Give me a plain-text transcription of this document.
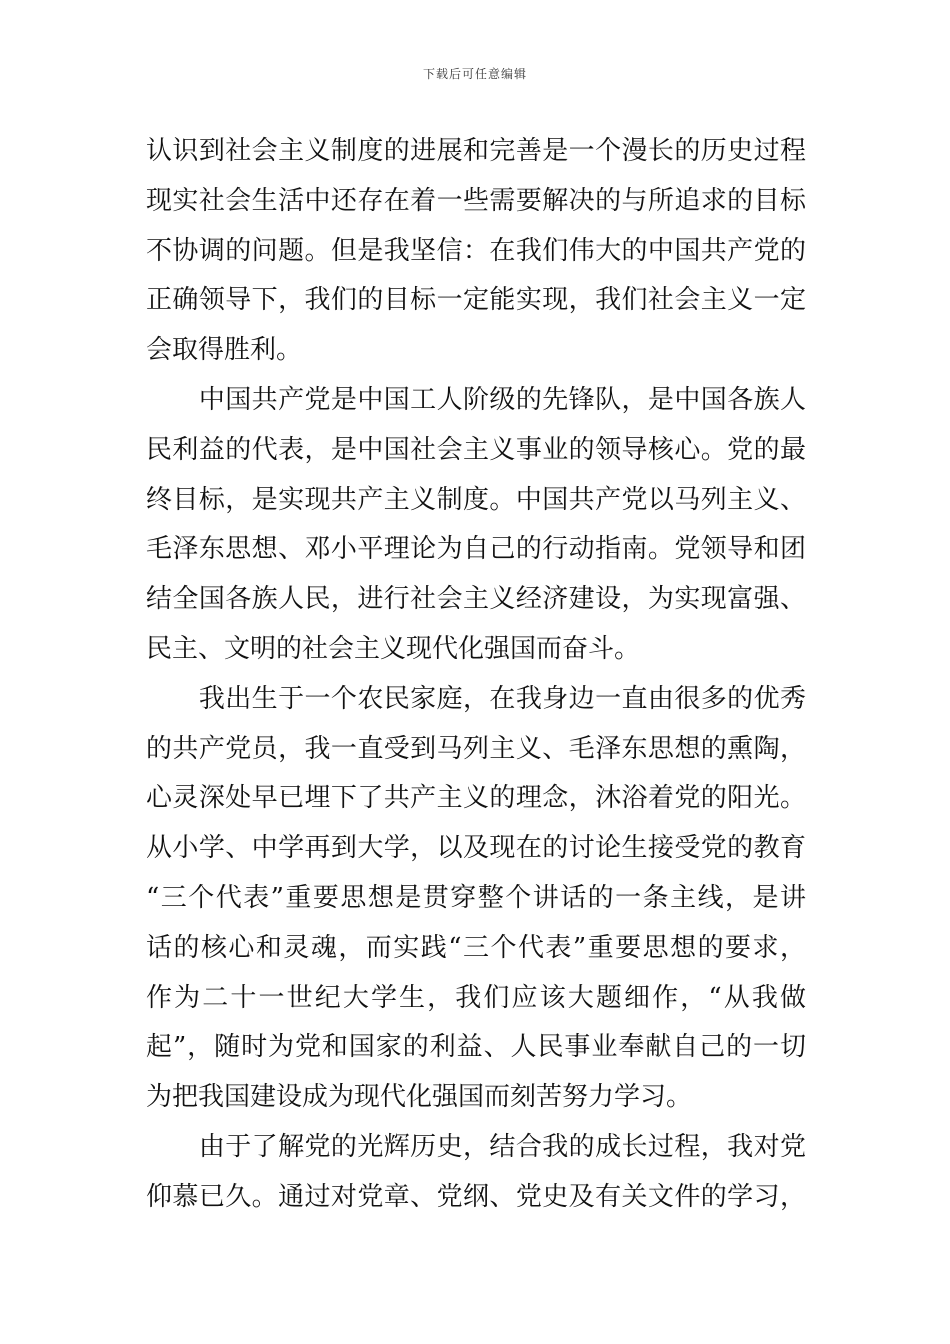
下载后可任意编辑
认识到社会主义制度的进展和完善是一个漫长的历史过程
现实社会生活中还存在着一些需要解决的与所追求的目标
不协调的问题。但是我坚信：在我们伟大的中国共产党的
正确领导下，我们的目标一定能实现，我们社会主义一定
会取得胜利。
　　中国共产党是中国工人阶级的先锋队，是中国各族人
民利益的代表，是中国社会主义事业的领导核心。党的最
终目标，是实现共产主义制度。中国共产党以马列主义、
毛泽东思想、邓小平理论为自己的行动指南。党领导和团
结全国各族人民，进行社会主义经济建设，为实现富强、
民主、文明的社会主义现代化强国而奋斗。
　　我出生于一个农民家庭，在我身边一直由很多的优秀
的共产党员，我一直受到马列主义、毛泽东思想的熏陶，
心灵深处早已埋下了共产主义的理念，沐浴着党的阳光。
从小学、中学再到大学，以及现在的讨论生接受党的教育
“三个代表”重要思想是贯穿整个讲话的一条主线，是讲
话的核心和灵魂，而实践“三个代表”重要思想的要求，
作为二十一世纪大学生，我们应该大题细作，“从我做
起”，随时为党和国家的利益、人民事业奉献自己的一切
为把我国建设成为现代化强国而刻苦努力学习。
　　由于了解党的光辉历史，结合我的成长过程，我对党
仰慕已久。通过对党章、党纲、党史及有关文件的学习，
